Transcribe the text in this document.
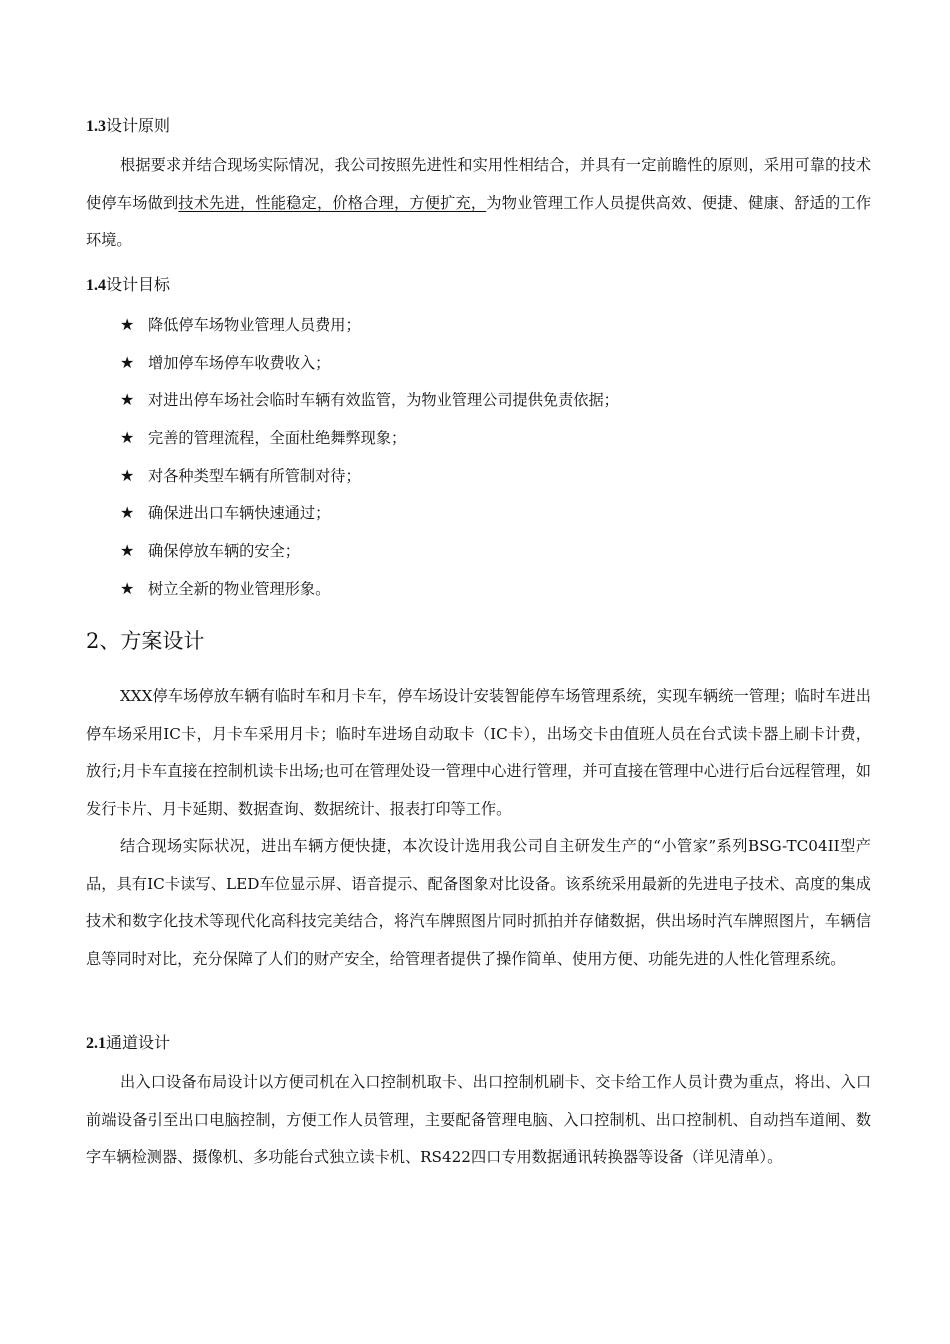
1.3设计原则

根据要求并结合现场实际情况，我公司按照先进性和实用性相结合，并具有一定前瞻性的原则，采用可靠的技术使停车场做到技术先进，性能稳定，价格合理，方便扩充，为物业管理工作人员提供高效、便捷、健康、舒适的工作环境。

1.4设计目标
★ 降低停车场物业管理人员费用；
★ 增加停车场停车收费收入；
★ 对进出停车场社会临时车辆有效监管，为物业管理公司提供免责依据；
★ 完善的管理流程，全面杜绝舞弊现象；
★ 对各种类型车辆有所管制对待；
★ 确保进出口车辆快速通过；
★ 确保停放车辆的安全；
★ 树立全新的物业管理形象。
2、方案设计

XXX停车场停放车辆有临时车和月卡车，停车场设计安装智能停车场管理系统，实现车辆统一管理；临时车进出停车场采用IC卡，月卡车采用月卡；临时车进场自动取卡（IC卡），出场交卡由值班人员在台式读卡器上刷卡计费，放行;月卡车直接在控制机读卡出场;也可在管理处设一管理中心进行管理，并可直接在管理中心进行后台远程管理，如发行卡片、月卡延期、数据查询、数据统计、报表打印等工作。

结合现场实际状况，进出车辆方便快捷，本次设计选用我公司自主研发生产的“小管家”系列BSG-TC04II型产品，具有IC卡读写、LED车位显示屏、语音提示、配备图象对比设备。该系统采用最新的先进电子技术、高度的集成技术和数字化技术等现代化高科技完美结合，将汽车牌照图片同时抓拍并存储数据，供出场时汽车牌照图片，车辆信息等同时对比，充分保障了人们的财产安全，给管理者提供了操作简单、使用方便、功能先进的人性化管理系统。

2.1通道设计

出入口设备布局设计以方便司机在入口控制机取卡、出口控制机刷卡、交卡给工作人员计费为重点，将出、入口前端设备引至出口电脑控制，方便工作人员管理，主要配备管理电脑、入口控制机、出口控制机、自动挡车道闸、数字车辆检测器、摄像机、多功能台式独立读卡机、RS422四口专用数据通讯转换器等设备（详见清单）。
